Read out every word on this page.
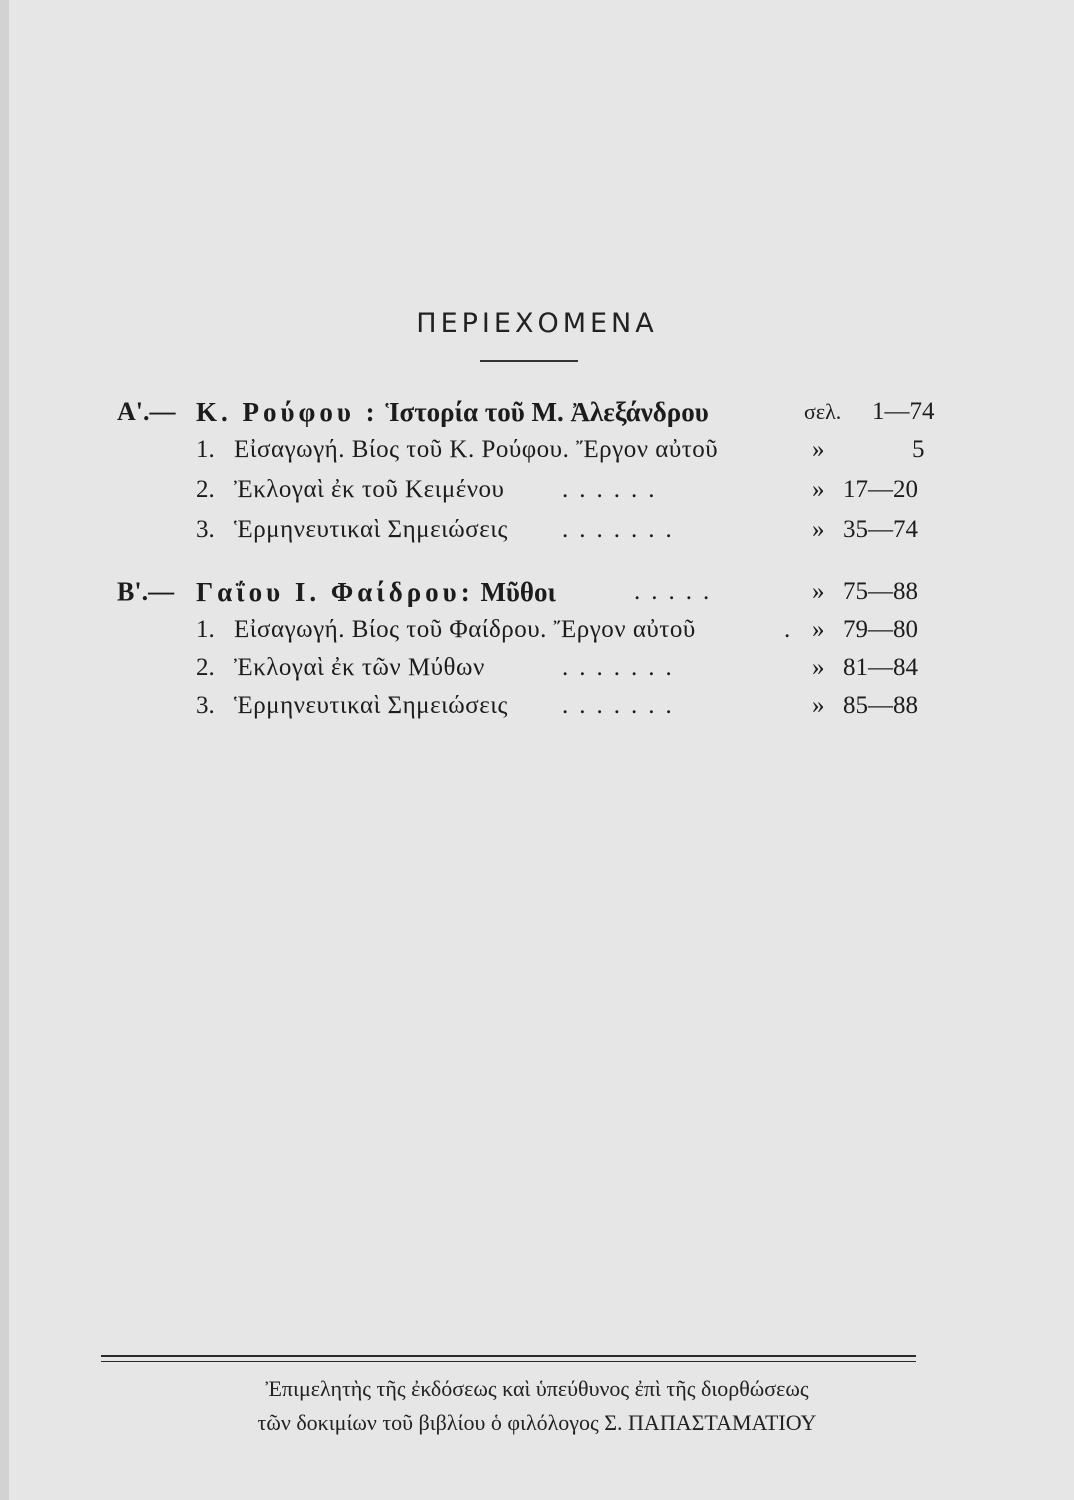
ΠΕΡΙΕΧΟΜΕΝΑ
Α'.— Κ. Ρούφου : Ἱστορία τοῦ Μ. Ἀλεξάνδρου	σελ. 1—74
1. Εἰσαγωγή. Βίος τοῦ Κ. Ρούφου. Ἔργον αὐτοῦ	»	5
2. Ἐκλογαὶ ἐκ τοῦ Κειμένου ......	» 17—20
3. Ἑρμηνευτικαὶ Σημειώσεις .......	» 35—74
Β'.— Γαΐου Ι. Φαίδρου: Μῦθοι	.....	» 75—88
1. Εἰσαγωγή. Βίος τοῦ Φαίδρου. Ἔργον αὐτοῦ	. » 79—80
2. Ἐκλογαὶ ἐκ τῶν Μύθων	.......	» 81—84
3. Ἑρμηνευτικαὶ Σημειώσεις .......	» 85—88
Ἐπιμελητὴς τῆς ἐκδόσεως καὶ ὑπεύθυνος ἐπὶ τῆς διορθώσεως
τῶν δοκιμίων τοῦ βιβλίου ὁ φιλόλογος Σ. ΠΑΠΑΣΤΑΜΑΤΙΟΥ
